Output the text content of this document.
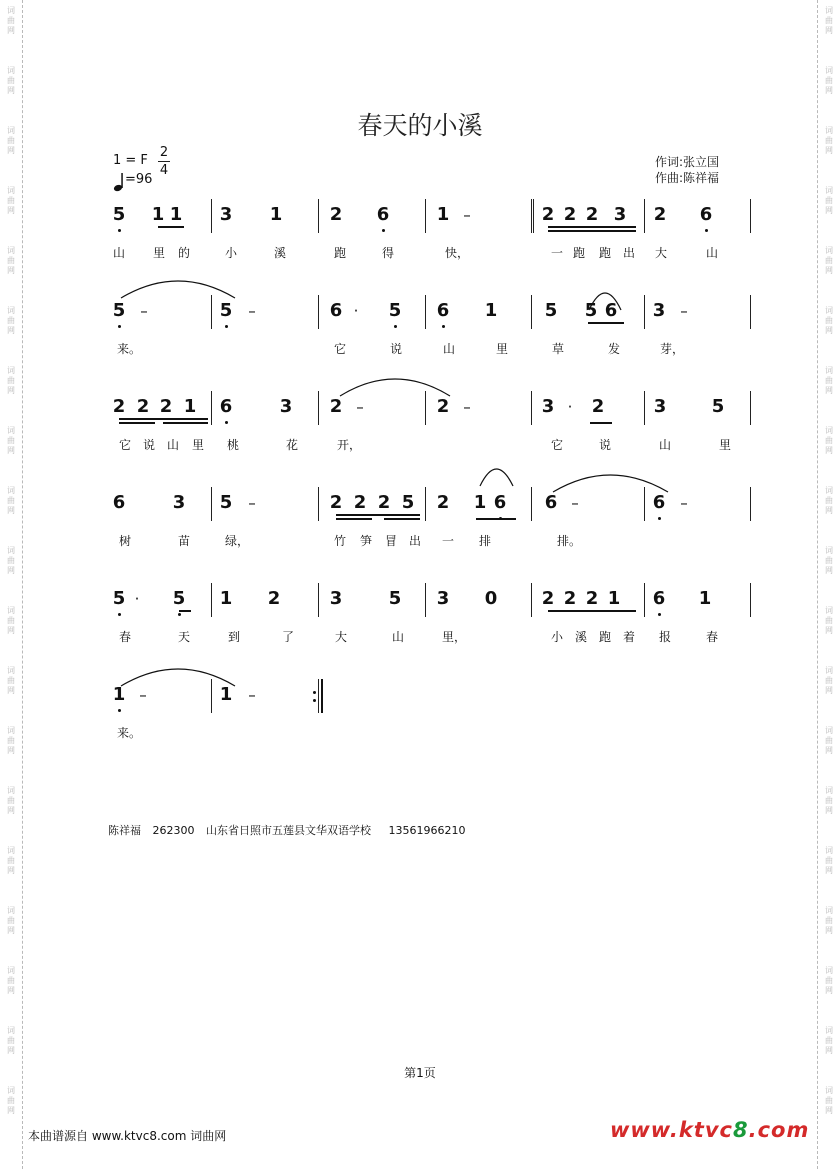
词
曲
网
词
曲
网
词
曲
网
词
曲
网
词
曲
网
词
曲
网
词
曲
网
词
曲
网
词
曲
网
词
曲
网
词
曲
网
词
曲
网
词
曲
网
词
曲
网
词
曲
网
词
曲
网
词
曲
网
词
曲
网
词
曲
网
词
曲
网
词
曲
网
词
曲
网
词
曲
网
词
曲
网
词
曲
网
词
曲
网
词
曲
网
词
曲
网
词
曲
网
词
曲
网
词
曲
网
词
曲
网
词
曲
网
词
曲
网
词
曲
网
词
曲
网
词
曲
网
词
曲
网
春天的小溪
1 = F
2
4
=96
作词:张立国
作曲:陈祥福
5 1 1 3 1	2 6	1 –	2 2 2 3 2 6
山 里 的	小	溪	跑	得	快，	一 跑 跑 出 大	山
5 –	5 –	6 · 5 6 1	5 5 6 3 –
来。	它	说	山	里	草	发	芽，
2 2 2 1 6	3 2 –	2 –	3 · 2	3	5
它 说 山 里 桃	花	开，	它	说	山	里
6	3 5 –	2 2 2 5 2 1 6 6 –	6 –
树	苗	绿，	竹 笋 冒 出 一 排	排。
5 · 5 1 2	3	5 3 0 2 2 2 1 6 1
春	天	到	了	大	山	里，	小 溪 跑 着 报	春
1 –	1 –
来。
陈祥福 262300 山东省日照市五莲县文华双语学校 13561966210
第1页
本曲谱源自 www.ktvc8.com 词曲网	www.ktvc8.com
